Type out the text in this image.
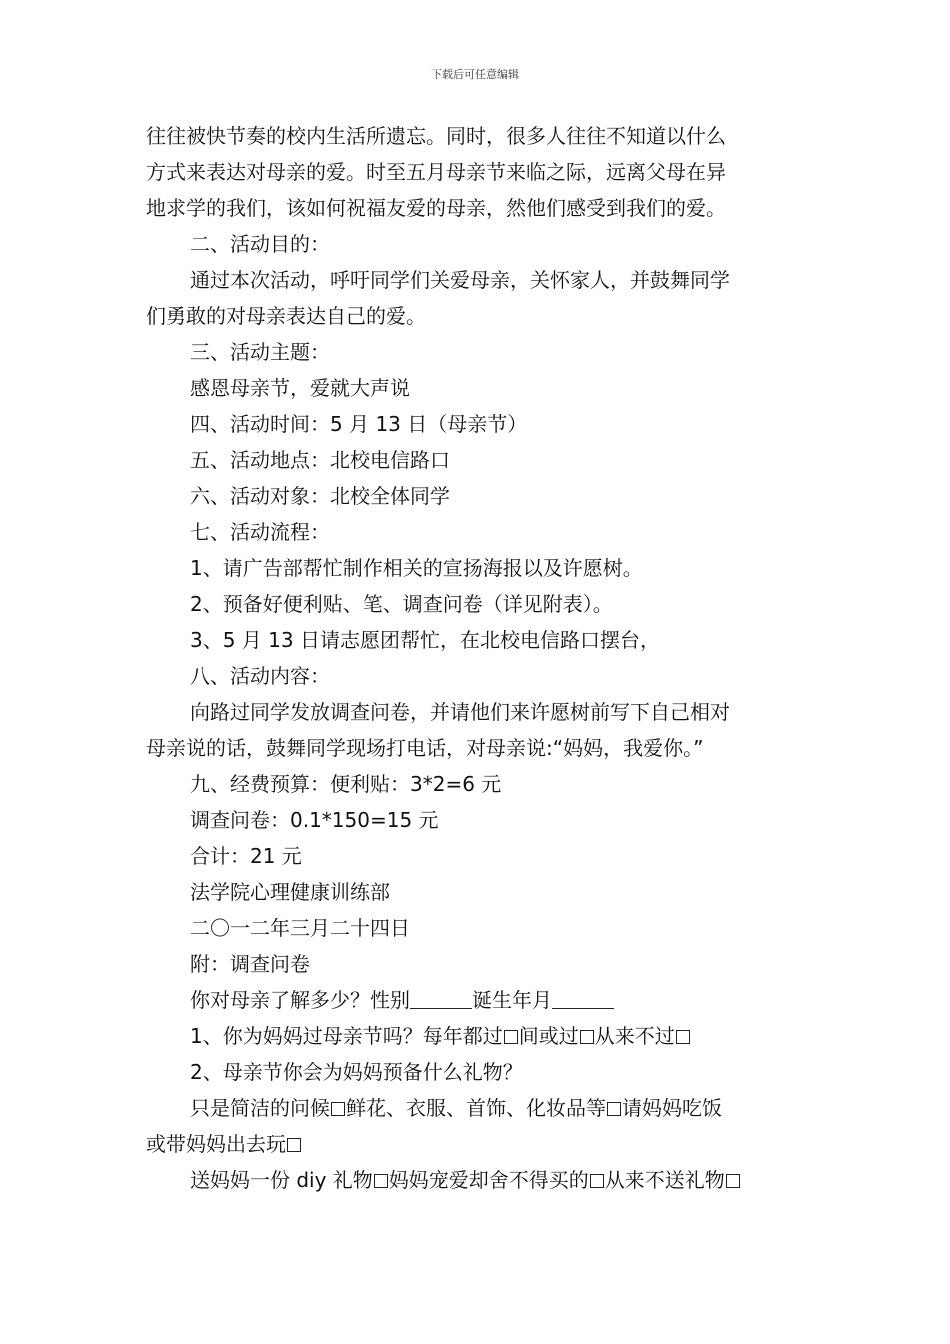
下载后可任意编辑
往往被快节奏的校内生活所遗忘。同时，很多人往往不知道以什么
方式来表达对母亲的爱。时至五月母亲节来临之际，远离父母在异
地求学的我们，该如何祝福友爱的母亲，然他们感受到我们的爱。
二、活动目的：
通过本次活动，呼吁同学们关爱母亲，关怀家人，并鼓舞同学
们勇敢的对母亲表达自己的爱。
三、活动主题：
感恩母亲节，爱就大声说
四、活动时间：5 月 13 日（母亲节）
五、活动地点：北校电信路口
六、活动对象：北校全体同学
七、活动流程：
1、请广告部帮忙制作相关的宣扬海报以及许愿树。
2、预备好便利贴、笔、调查问卷（详见附表）。
3、5 月 13 日请志愿团帮忙，在北校电信路口摆台，
八、活动内容：
向路过同学发放调查问卷，并请他们来许愿树前写下自己相对
母亲说的话，鼓舞同学现场打电话，对母亲说:“妈妈，我爱你。”
九、经费预算：便利贴：3*2=6 元
调查问卷：0.1*150=15 元
合计：21 元
法学院心理健康训练部
二〇一二年三月二十四日
附：调查问卷
你对母亲了解多少？性别	诞生年月
1、你为妈妈过母亲节吗？每年都过 间或过 从来不过
2、母亲节你会为妈妈预备什么礼物？
只是简洁的问候 鲜花、衣服、首饰、化妆品等 请妈妈吃饭
或带妈妈出去玩
送妈妈一份 diy 礼物 妈妈宠爱却舍不得买的 从来不送礼物
